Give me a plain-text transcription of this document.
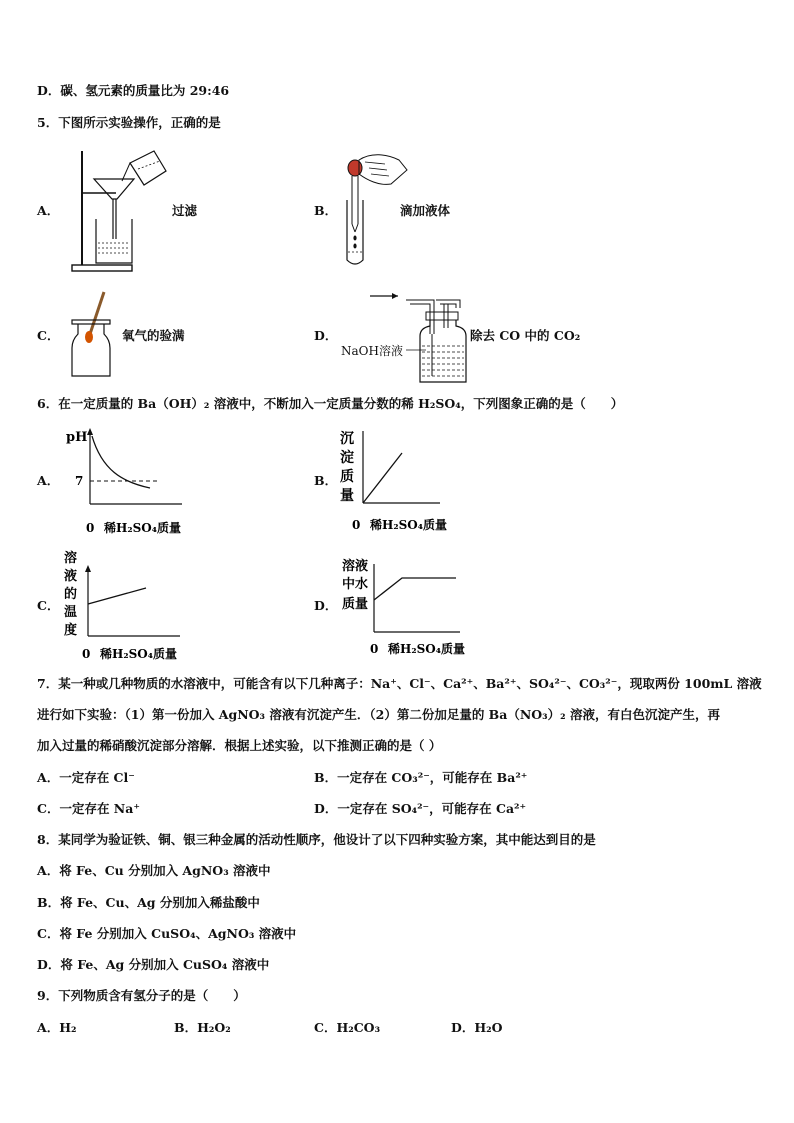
D．碳、氢元素的质量比为 29:46
5．下图所示实验操作，正确的是
A．	过滤	B．	滴加液体
C．	氧气的验满	D．
NaOH溶液
除去 CO 中的 CO₂
6．在一定质量的 Ba（OH）₂ 溶液中，不断加入一定质量分数的稀 H₂SO₄，下列图象正确的是（　　）
A．
pH
7
0 稀H₂SO₄质量
B．
沉
淀
质
量
0 稀H₂SO₄质量
C．
溶
液
的
温
度
0 稀H₂SO₄质量
D．
溶液
中水
质量
0 稀H₂SO₄质量
7．某一种或几种物质的水溶液中，可能含有以下几种离子：Na⁺、Cl⁻、Ca²⁺、Ba²⁺、SO₄²⁻、CO₃²⁻，现取两份 100mL 溶液
进行如下实验：（1）第一份加入 AgNO₃ 溶液有沉淀产生．（2）第二份加足量的 Ba（NO₃）₂ 溶液，有白色沉淀产生，再
加入过量的稀硝酸沉淀部分溶解．根据上述实验，以下推测正确的是（ ）
A．一定存在 Cl⁻	B．一定存在 CO₃²⁻，可能存在 Ba²⁺
C．一定存在 Na⁺	D．一定存在 SO₄²⁻，可能存在 Ca²⁺
8．某同学为验证铁、铜、银三种金属的活动性顺序，他设计了以下四种实验方案，其中能达到目的是
A．将 Fe、Cu 分别加入 AgNO₃ 溶液中
B．将 Fe、Cu、Ag 分别加入稀盐酸中
C．将 Fe 分别加入 CuSO₄、AgNO₃ 溶液中
D．将 Fe、Ag 分别加入 CuSO₄ 溶液中
9．下列物质含有氢分子的是（　　）
A．H₂	B．H₂O₂	C．H₂CO₃	D．H₂O
